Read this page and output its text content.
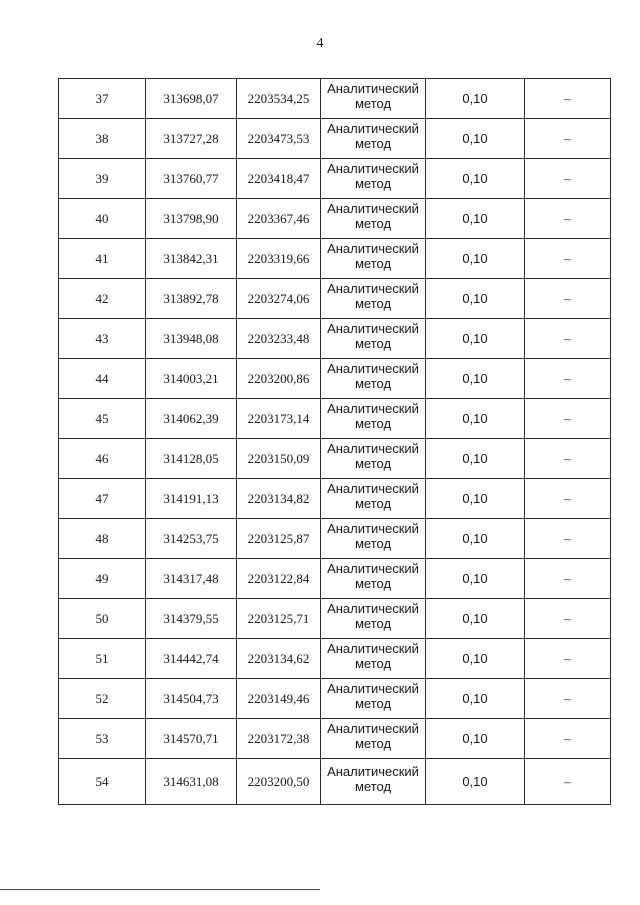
4
37	313698,07	2203534,25	Аналитический метод	0,10	–
38	313727,28	2203473,53	Аналитический метод	0,10	–
39	313760,77	2203418,47	Аналитический метод	0,10	–
40	313798,90	2203367,46	Аналитический метод	0,10	–
41	313842,31	2203319,66	Аналитический метод	0,10	–
42	313892,78	2203274,06	Аналитический метод	0,10	–
43	313948,08	2203233,48	Аналитический метод	0,10	–
44	314003,21	2203200,86	Аналитический метод	0,10	–
45	314062,39	2203173,14	Аналитический метод	0,10	–
46	314128,05	2203150,09	Аналитический метод	0,10	–
47	314191,13	2203134,82	Аналитический метод	0,10	–
48	314253,75	2203125,87	Аналитический метод	0,10	–
49	314317,48	2203122,84	Аналитический метод	0,10	–
50	314379,55	2203125,71	Аналитический метод	0,10	–
51	314442,74	2203134,62	Аналитический метод	0,10	–
52	314504,73	2203149,46	Аналитический метод	0,10	–
53	314570,71	2203172,38	Аналитический метод	0,10	–
54	314631,08	2203200,50	Аналитический метод	0,10	–
